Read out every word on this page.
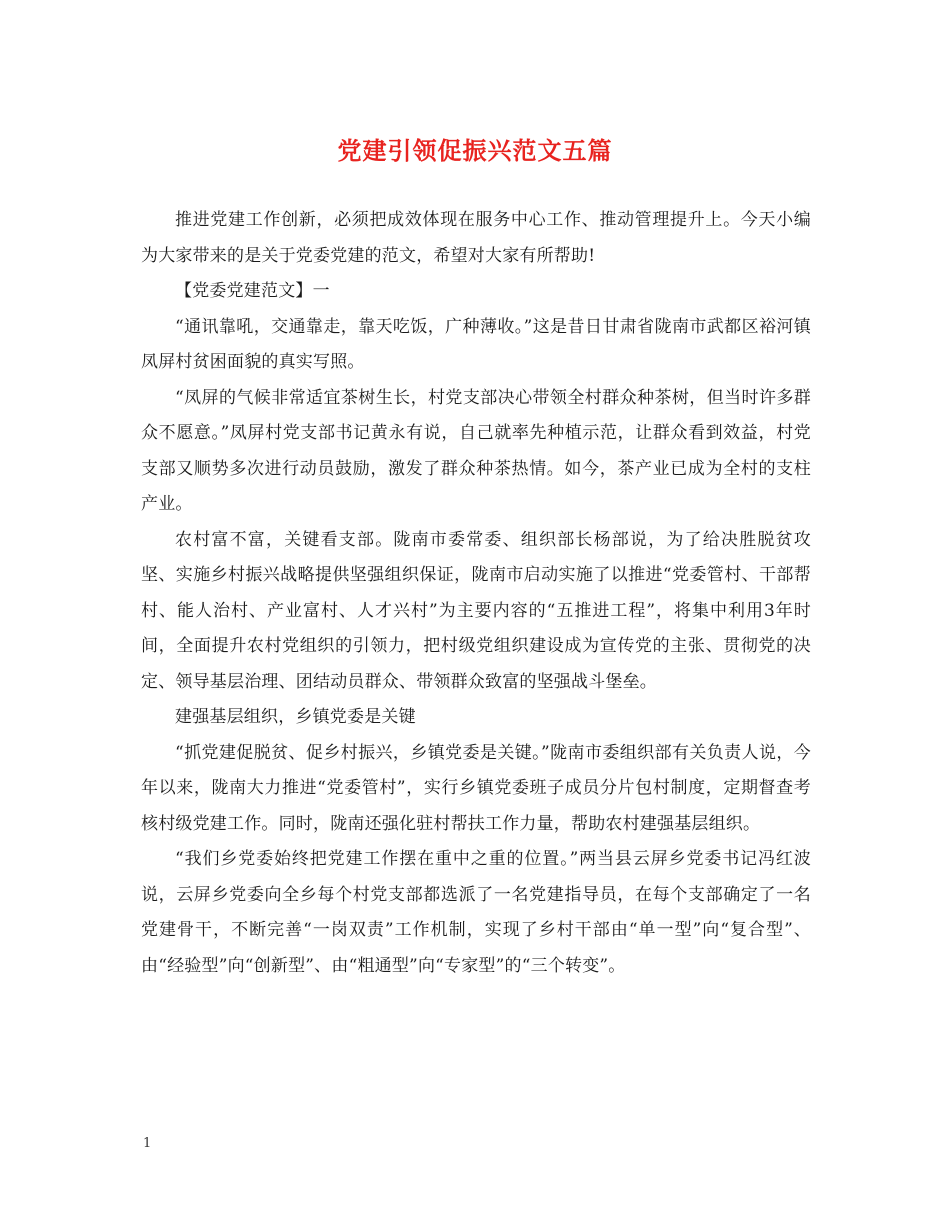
党建引领促振兴范文五篇

推进党建工作创新，必须把成效体现在服务中心工作、推动管理提升上。今天小编为大家带来的是关于党委党建的范文，希望对大家有所帮助!

【党委党建范文】一

“通讯靠吼，交通靠走，靠天吃饭，广种薄收。”这是昔日甘肃省陇南市武都区裕河镇凤屏村贫困面貌的真实写照。

“凤屏的气候非常适宜茶树生长，村党支部决心带领全村群众种茶树，但当时许多群众不愿意。”凤屏村党支部书记黄永有说，自己就率先种植示范，让群众看到效益，村党支部又顺势多次进行动员鼓励，激发了群众种茶热情。如今，茶产业已成为全村的支柱产业。

农村富不富，关键看支部。陇南市委常委、组织部长杨部说，为了给决胜脱贫攻坚、实施乡村振兴战略提供坚强组织保证，陇南市启动实施了以推进“党委管村、干部帮村、能人治村、产业富村、人才兴村”为主要内容的“五推进工程”，将集中利用3年时间，全面提升农村党组织的引领力，把村级党组织建设成为宣传党的主张、贯彻党的决定、领导基层治理、团结动员群众、带领群众致富的坚强战斗堡垒。

建强基层组织，乡镇党委是关键

“抓党建促脱贫、促乡村振兴，乡镇党委是关键。”陇南市委组织部有关负责人说，今年以来，陇南大力推进“党委管村”，实行乡镇党委班子成员分片包村制度，定期督查考核村级党建工作。同时，陇南还强化驻村帮扶工作力量，帮助农村建强基层组织。

“我们乡党委始终把党建工作摆在重中之重的位置。”两当县云屏乡党委书记冯红波说，云屏乡党委向全乡每个村党支部都选派了一名党建指导员，在每个支部确定了一名党建骨干，不断完善“一岗双责”工作机制，实现了乡村干部由“单一型”向“复合型”、由“经验型”向“创新型”、由“粗通型”向“专家型”的“三个转变”。

1
